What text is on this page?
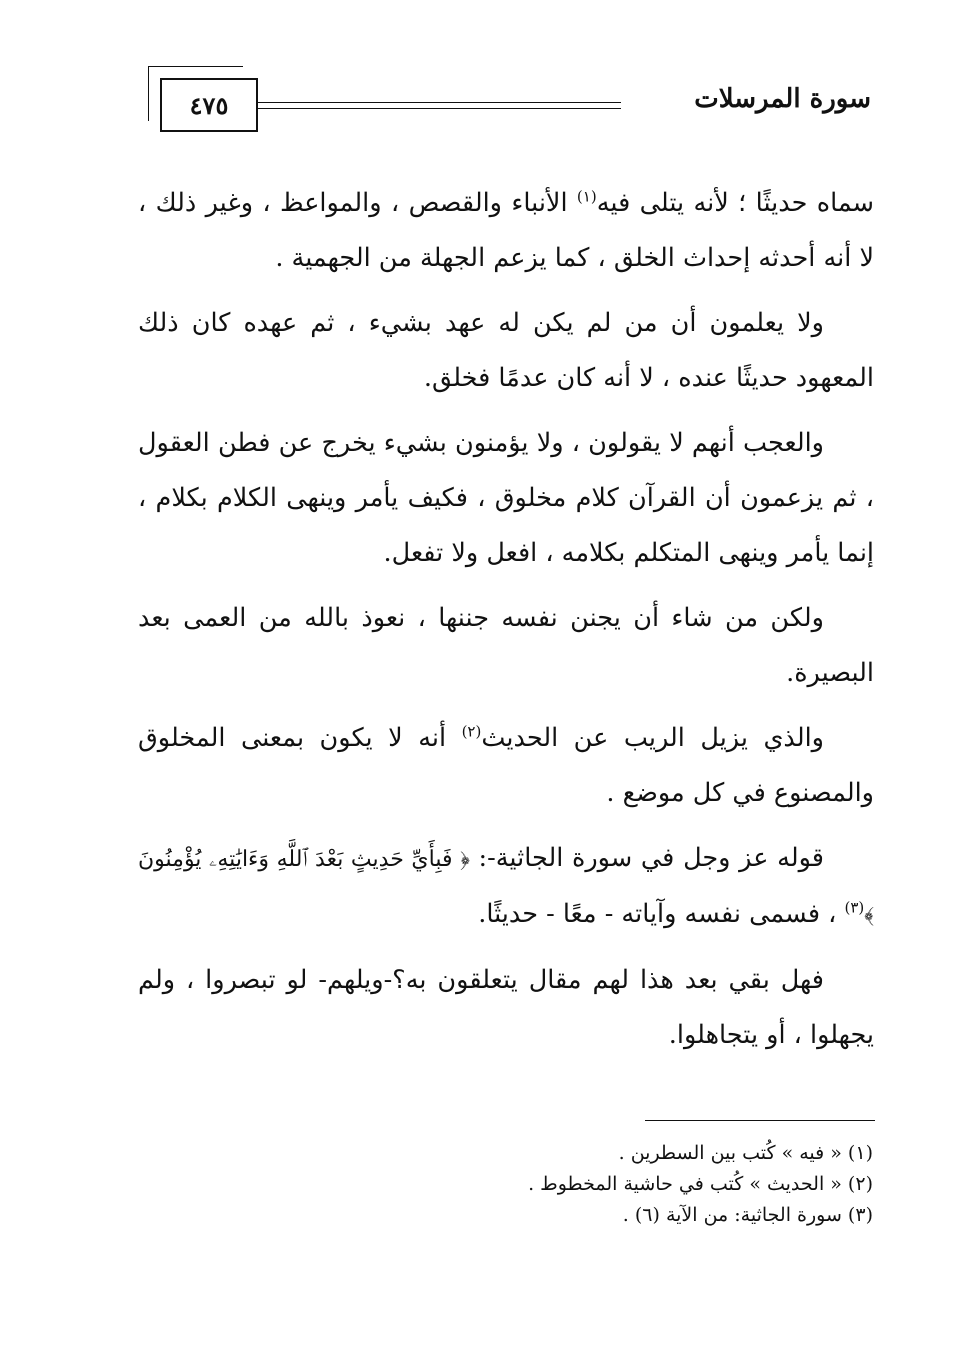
سورة المرسلات
٤٧٥

سماه حديثًا ؛ لأنه يتلى فيه$^{(١)}$ الأنباء والقصص ، والمواعظ ، وغير ذلك ، لا أنه أحدثه إحداث الخلق ، كما يزعم الجهلة من الجهمية .

ولا يعلمون أن من لم يكن له عهد بشيء ، ثم عهده كان ذلك المعهود حديثًا عنده ، لا أنه كان عدمًا فخلق.

والعجب أنهم لا يقولون ، ولا يؤمنون بشيء يخرج عن فطن العقول ، ثم يزعمون أن القرآن كلام مخلوق ، فكيف يأمر وينهى الكلام بكلام ، إنما يأمر وينهى المتكلم بكلامه ، افعل ولا تفعل.

ولكن من شاء أن يجنن نفسه جننها ، نعوذ بالله من العمى بعد البصيرة.

والذي يزيل الريب عن الحديث$^{(٢)}$ أنه لا يكون بمعنى المخلوق والمصنوع في كل موضع .

قوله عز وجل في سورة الجاثية-: ﴿ فَبِأَيِّ حَدِيثٍ بَعْدَ ٱللَّهِ وَءَايَٰتِهِۦ يُؤْمِنُونَ ﴾$^{(٣)}$ ، فسمى نفسه وآياته - معًا - حديثًا.

فهل بقي بعد هذا لهم مقال يتعلقون به؟-ويلهم- لو تبصروا ، ولم يجهلوا ، أو يتجاهلوا.

(١) « فيه » كُتب بين السطرين .
(٢) « الحديث » كُتب في حاشية المخطوط .
(٣) سورة الجاثية: من الآية (٦) .
